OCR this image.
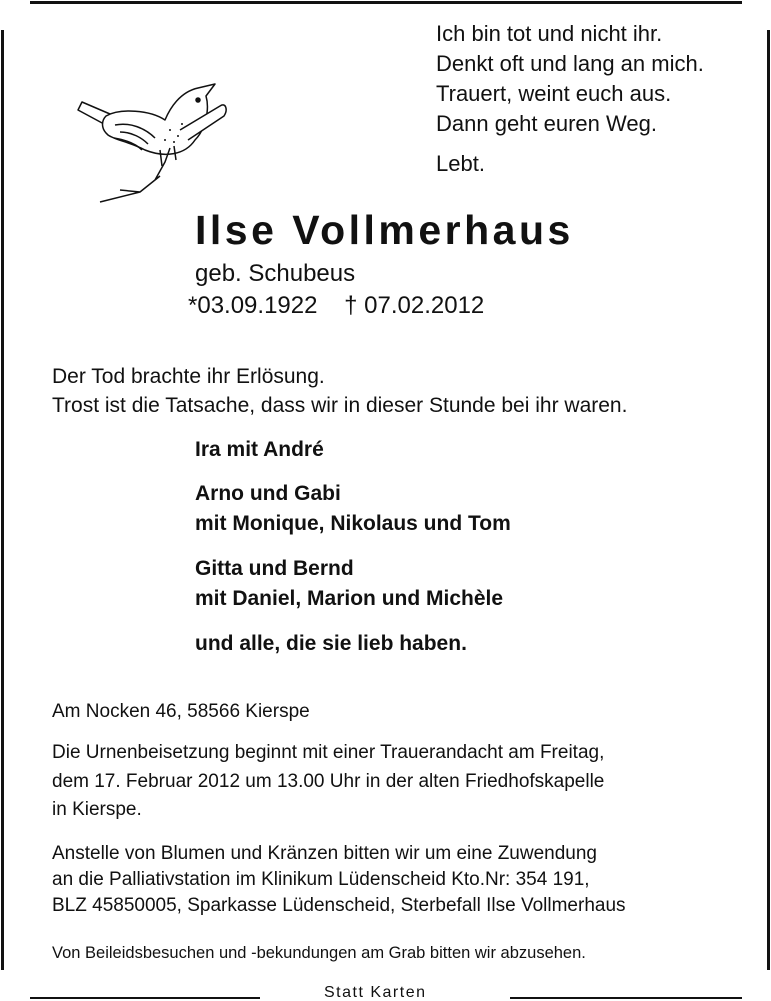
Ich bin tot und nicht ihr.
Denkt oft und lang an mich.
Trauert, weint euch aus.
Dann geht euren Weg.
Lebt.
Ilse Vollmerhaus
geb. Schubeus
*03.09.1922    † 07.02.2012
Der Tod brachte ihr Erlösung.
Trost ist die Tatsache, dass wir in dieser Stunde bei ihr waren.
Ira mit André
Arno und Gabi
mit Monique, Nikolaus und Tom
Gitta und Bernd
mit Daniel, Marion und Michèle
und alle, die sie lieb haben.
Am Nocken 46, 58566 Kierspe
Die Urnenbeisetzung beginnt mit einer Trauerandacht am Freitag,
dem 17. Februar 2012 um 13.00 Uhr in der alten Friedhofskapelle
in Kierspe.
Anstelle von Blumen und Kränzen bitten wir um eine Zuwendung
an die Palliativstation im Klinikum Lüdenscheid Kto.Nr: 354 191,
BLZ 45850005, Sparkasse Lüdenscheid, Sterbefall Ilse Vollmerhaus
Von Beileidsbesuchen und -bekundungen am Grab bitten wir abzusehen.
Statt Karten
